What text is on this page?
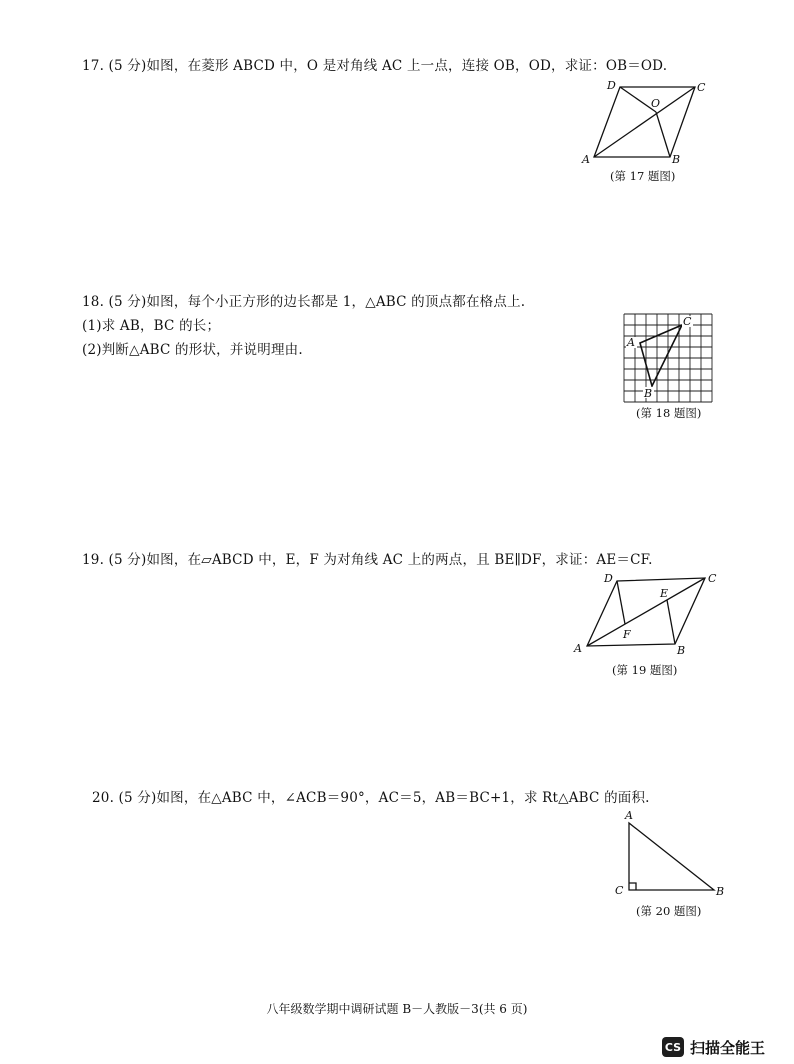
17. (5 分)如图，在菱形 ABCD 中，O 是对角线 AC 上一点，连接 OB，OD，求证：OB＝OD.
A	B
C
D
O
(第 17 题图)
18. (5 分)如图，每个小正方形的边长都是 1，△ABC 的顶点都在格点上.
(1)求 AB，BC 的长；
(2)判断△ABC 的形状，并说明理由.	A
C
B
(第 18 题图)
19. (5 分)如图，在▱ABCD 中，E，F 为对角线 AC 上的两点，且 BE∥DF，求证：AE＝CF.
A	B
C
D
E
F
(第 19 题图)
20. (5 分)如图，在△ABC 中，∠ACB＝90°，AC＝5，AB＝BC+1，求 Rt△ABC 的面积.
A
C	B
(第 20 题图)
八年级数学期中调研试题 B－人教版－3(共 6 页)
CS 扫描全能王
